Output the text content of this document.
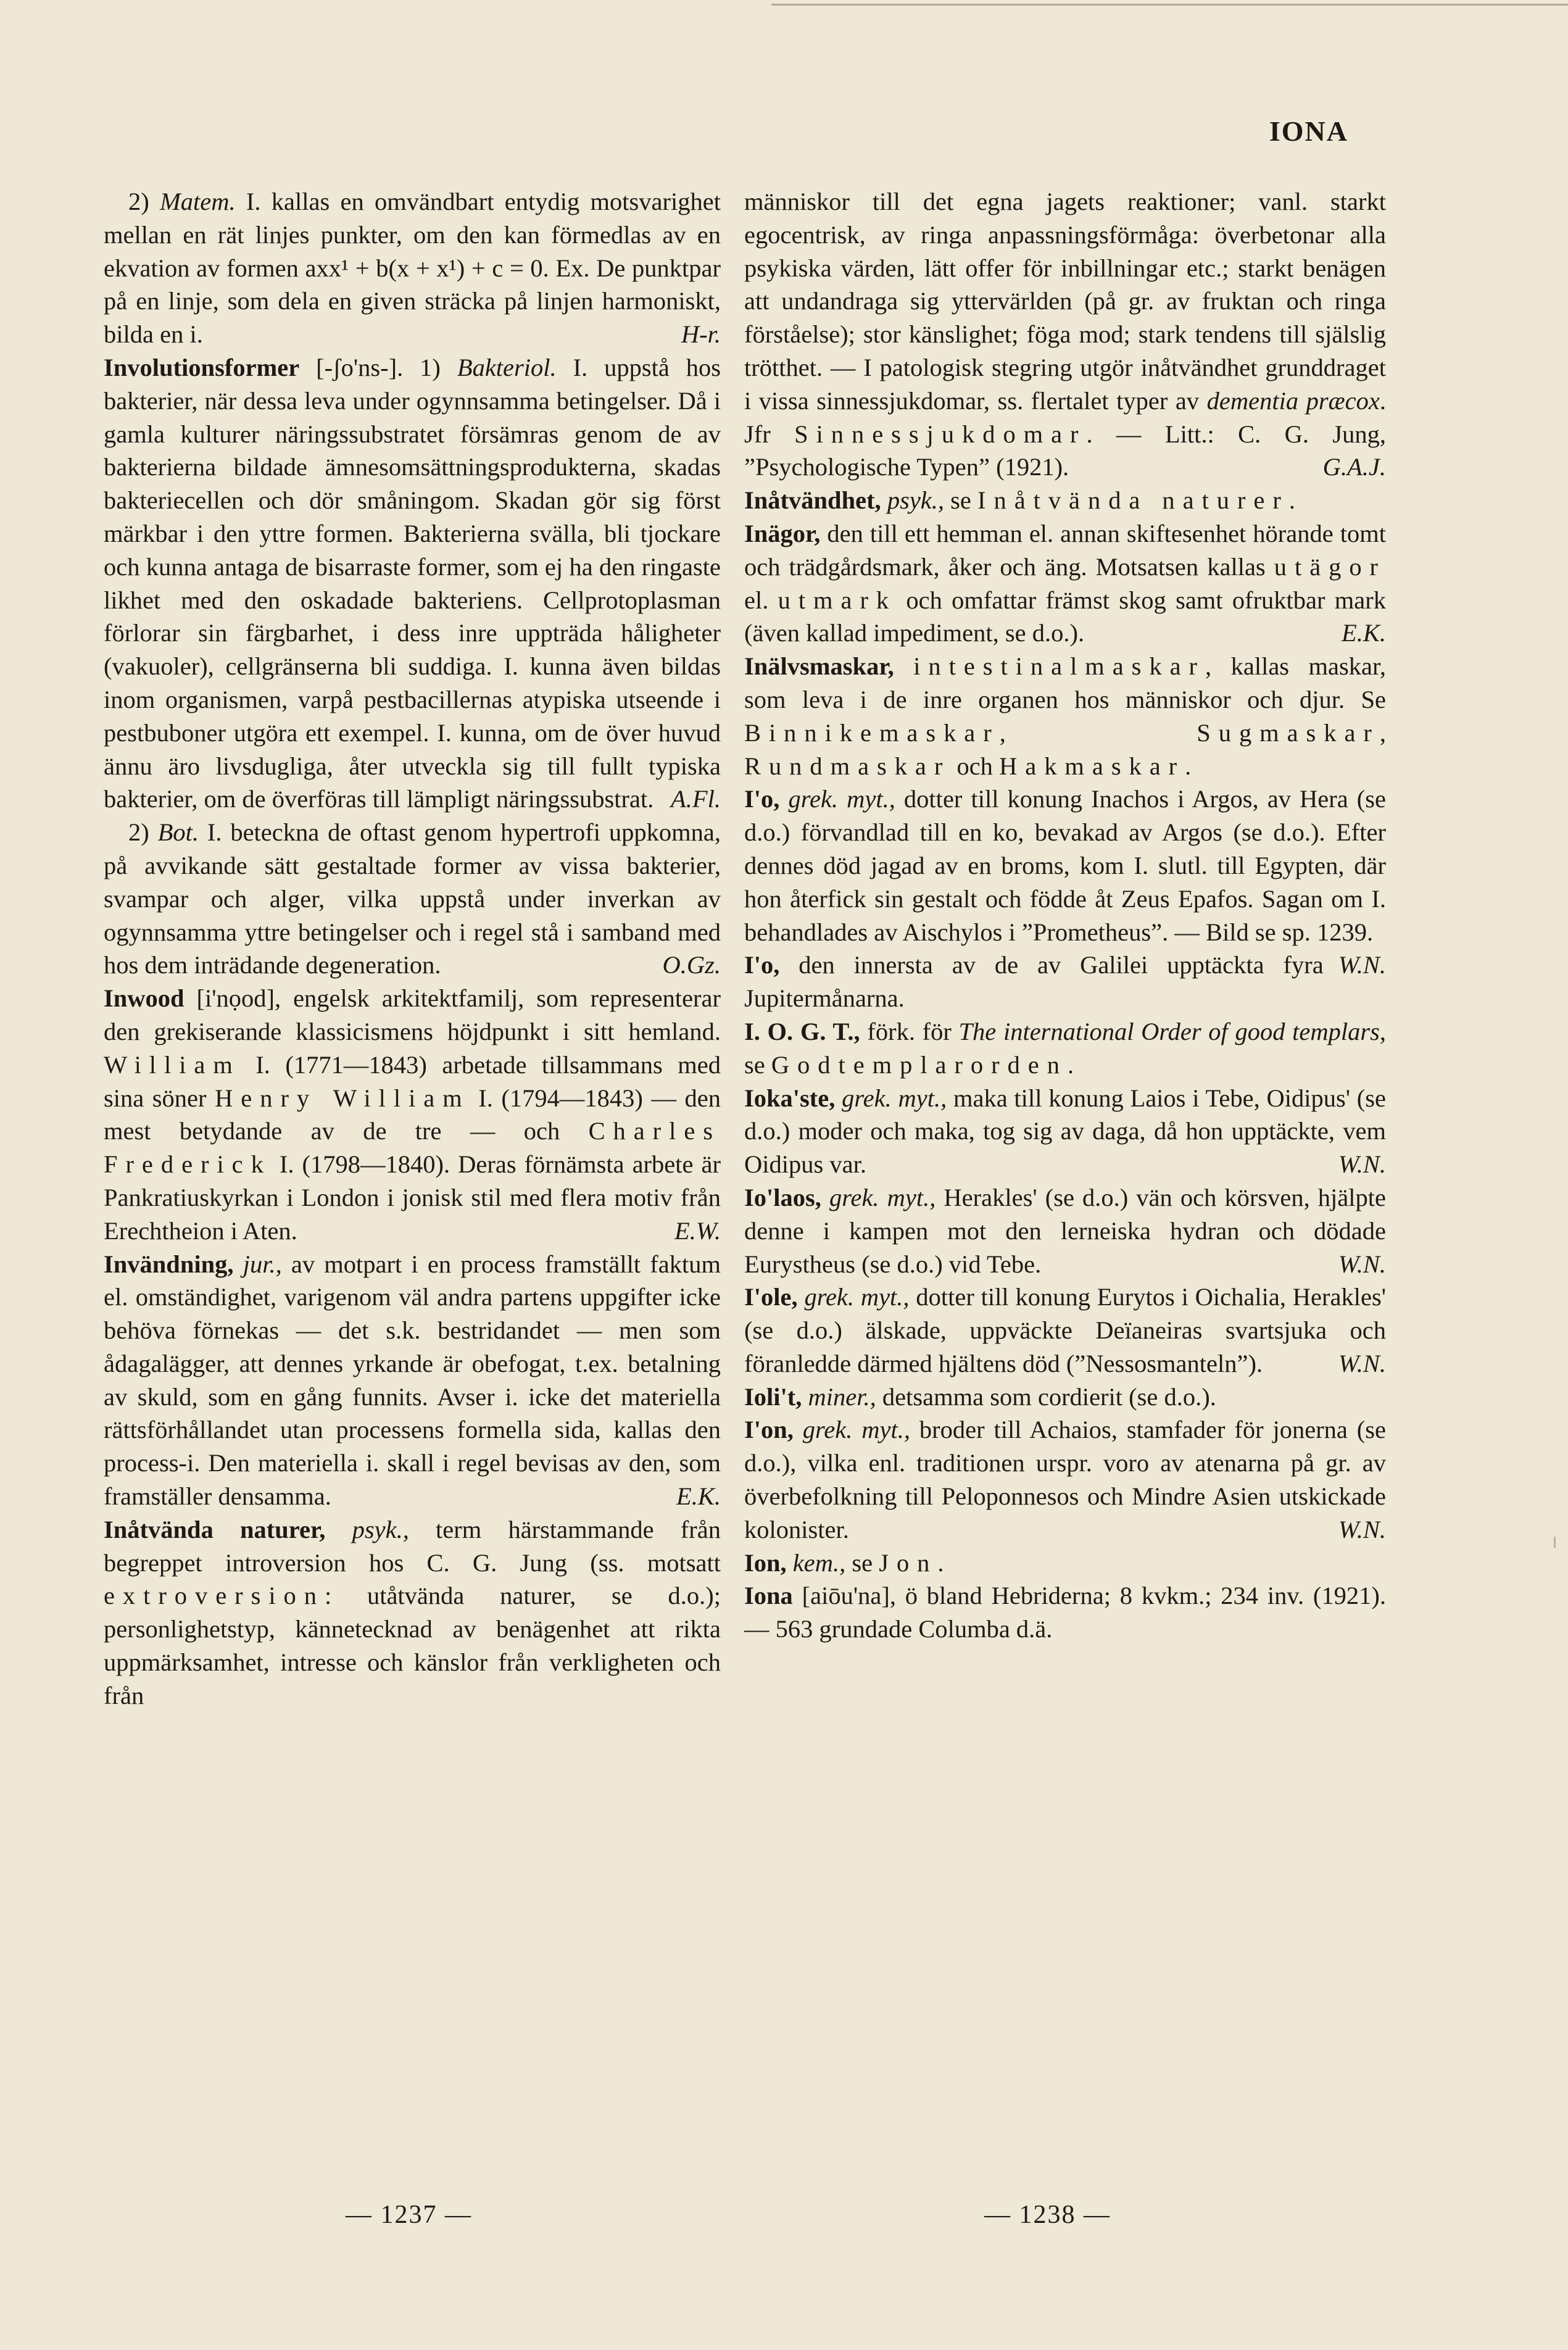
IONA

2) Matem. I. kallas en omvändbart entydig motsvarighet mellan en rät linjes punkter, om den kan förmedlas av en ekvation av formen axx¹ + b(x + x¹) + c = 0. Ex. De punktpar på en linje, som dela en given sträcka på linjen harmoniskt, bilda en i.	H-r.

Involutionsformer [-ʃo'ns-]. 1) Bakteriol. I. uppstå hos bakterier, när dessa leva under ogynnsamma betingelser. Då i gamla kulturer näringssubstratet försämras genom de av bakterierna bildade ämnesomsättningsprodukterna, skadas bakteriecellen och dör småningom. Skadan gör sig först märkbar i den yttre formen. Bakterierna svälla, bli tjockare och kunna antaga de bisarraste former, som ej ha den ringaste likhet med den oskadade bakteriens. Cellprotoplasman förlorar sin färgbarhet, i dess inre uppträda håligheter (vakuoler), cellgränserna bli suddiga. I. kunna även bildas inom organismen, varpå pestbacillernas atypiska utseende i pestbuboner utgöra ett exempel. I. kunna, om de över huvud ännu äro livsdugliga, åter utveckla sig till fullt typiska bakterier, om de överföras till lämpligt näringssubstrat. A.Fl.

2) Bot. I. beteckna de oftast genom hypertrofi uppkomna, på avvikande sätt gestaltade former av vissa bakterier, svampar och alger, vilka uppstå under inverkan av ogynnsamma yttre betingelser och i regel stå i samband med hos dem inträdande degeneration.	O.Gz.

Inwood [i'nọod], engelsk arkitektfamilj, som representerar den grekiserande klassicismens höjdpunkt i sitt hemland. William I. (1771—1843) arbetade tillsammans med sina söner Henry William I. (1794—1843) — den mest betydande av de tre — och Charles Frederick I. (1798—1840). Deras förnämsta arbete är Pankratiuskyrkan i London i jonisk stil med flera motiv från Erechtheion i Aten.	E.W.

Invändning, jur., av motpart i en process framställt faktum el. omständighet, varigenom väl andra partens uppgifter icke behöva förnekas — det s.k. bestridandet — men som ådagalägger, att dennes yrkande är obefogat, t.ex. betalning av skuld, som en gång funnits. Avser i. icke det materiella rättsförhållandet utan processens formella sida, kallas den process-i. Den materiella i. skall i regel bevisas av den, som framställer densamma.	E.K.

Inåtvända naturer, psyk., term härstammande från begreppet introversion hos C. G. Jung (ss. motsatt extroversion: utåtvända naturer, se d.o.); personlighetstyp, kännetecknad av benägenhet att rikta uppmärksamhet, intresse och känslor från verkligheten och från

människor till det egna jagets reaktioner; vanl. starkt egocentrisk, av ringa anpassningsförmåga: överbetonar alla psykiska värden, lätt offer för inbillningar etc.; starkt benägen att undandraga sig yttervärlden (på gr. av fruktan och ringa förståelse); stor känslighet; föga mod; stark tendens till själslig trötthet. — I patologisk stegring utgör inåtvändhet grunddraget i vissa sinnessjukdomar, ss. flertalet typer av dementia præcox. Jfr Sinnessjukdomar. — Litt.: C. G. Jung, ”Psychologische Typen” (1921).	G.A.J.

Inåtvändhet, psyk., se Inåtvända naturer.

Inägor, den till ett hemman el. annan skiftesenhet hörande tomt och trädgårdsmark, åker och äng. Motsatsen kallas utägor el. utmark och omfattar främst skog samt ofruktbar mark (även kallad impediment, se d.o.).	E.K.

Inälvsmaskar, intestinalmaskar, kallas maskar, som leva i de inre organen hos människor och djur. Se Binnikemaskar, Sugmaskar, Rundmaskar och Hakmaskar.

I'o, grek. myt., dotter till konung Inachos i Argos, av Hera (se d.o.) förvandlad till en ko, bevakad av Argos (se d.o.). Efter dennes död jagad av en broms, kom I. slutl. till Egypten, där hon återfick sin gestalt och födde åt Zeus Epafos. Sagan om I. behandlades av Aischylos i ”Prometheus”. — Bild se sp. 1239.
W.N.

I'o, den innersta av de av Galilei upptäckta fyra Jupitermånarna.

I. O. G. T., förk. för The international Order of good templars, se Godtemplarorden.

Ioka'ste, grek. myt., maka till konung Laios i Tebe, Oidipus' (se d.o.) moder och maka, tog sig av daga, då hon upptäckte, vem Oidipus var.	W.N.

Io'laos, grek. myt., Herakles' (se d.o.) vän och körsven, hjälpte denne i kampen mot den lerneiska hydran och dödade Eurystheus (se d.o.) vid Tebe.	W.N.

I'ole, grek. myt., dotter till konung Eurytos i Oichalia, Herakles' (se d.o.) älskade, uppväckte Deïaneiras svartsjuka och föranledde därmed hjältens död (”Nessosmanteln”).	W.N.

Ioli't, miner., detsamma som cordierit (se d.o.).

I'on, grek. myt., broder till Achaios, stamfader för jonerna (se d.o.), vilka enl. traditionen urspr. voro av atenarna på gr. av överbefolkning till Peloponnesos och Mindre Asien utskickade kolonister.	W.N.

Ion, kem., se Jon.

Iona [aiōu'na], ö bland Hebriderna; 8 kvkm.; 234 inv. (1921). — 563 grundade Columba d.ä.

— 1237 —	— 1238 —
